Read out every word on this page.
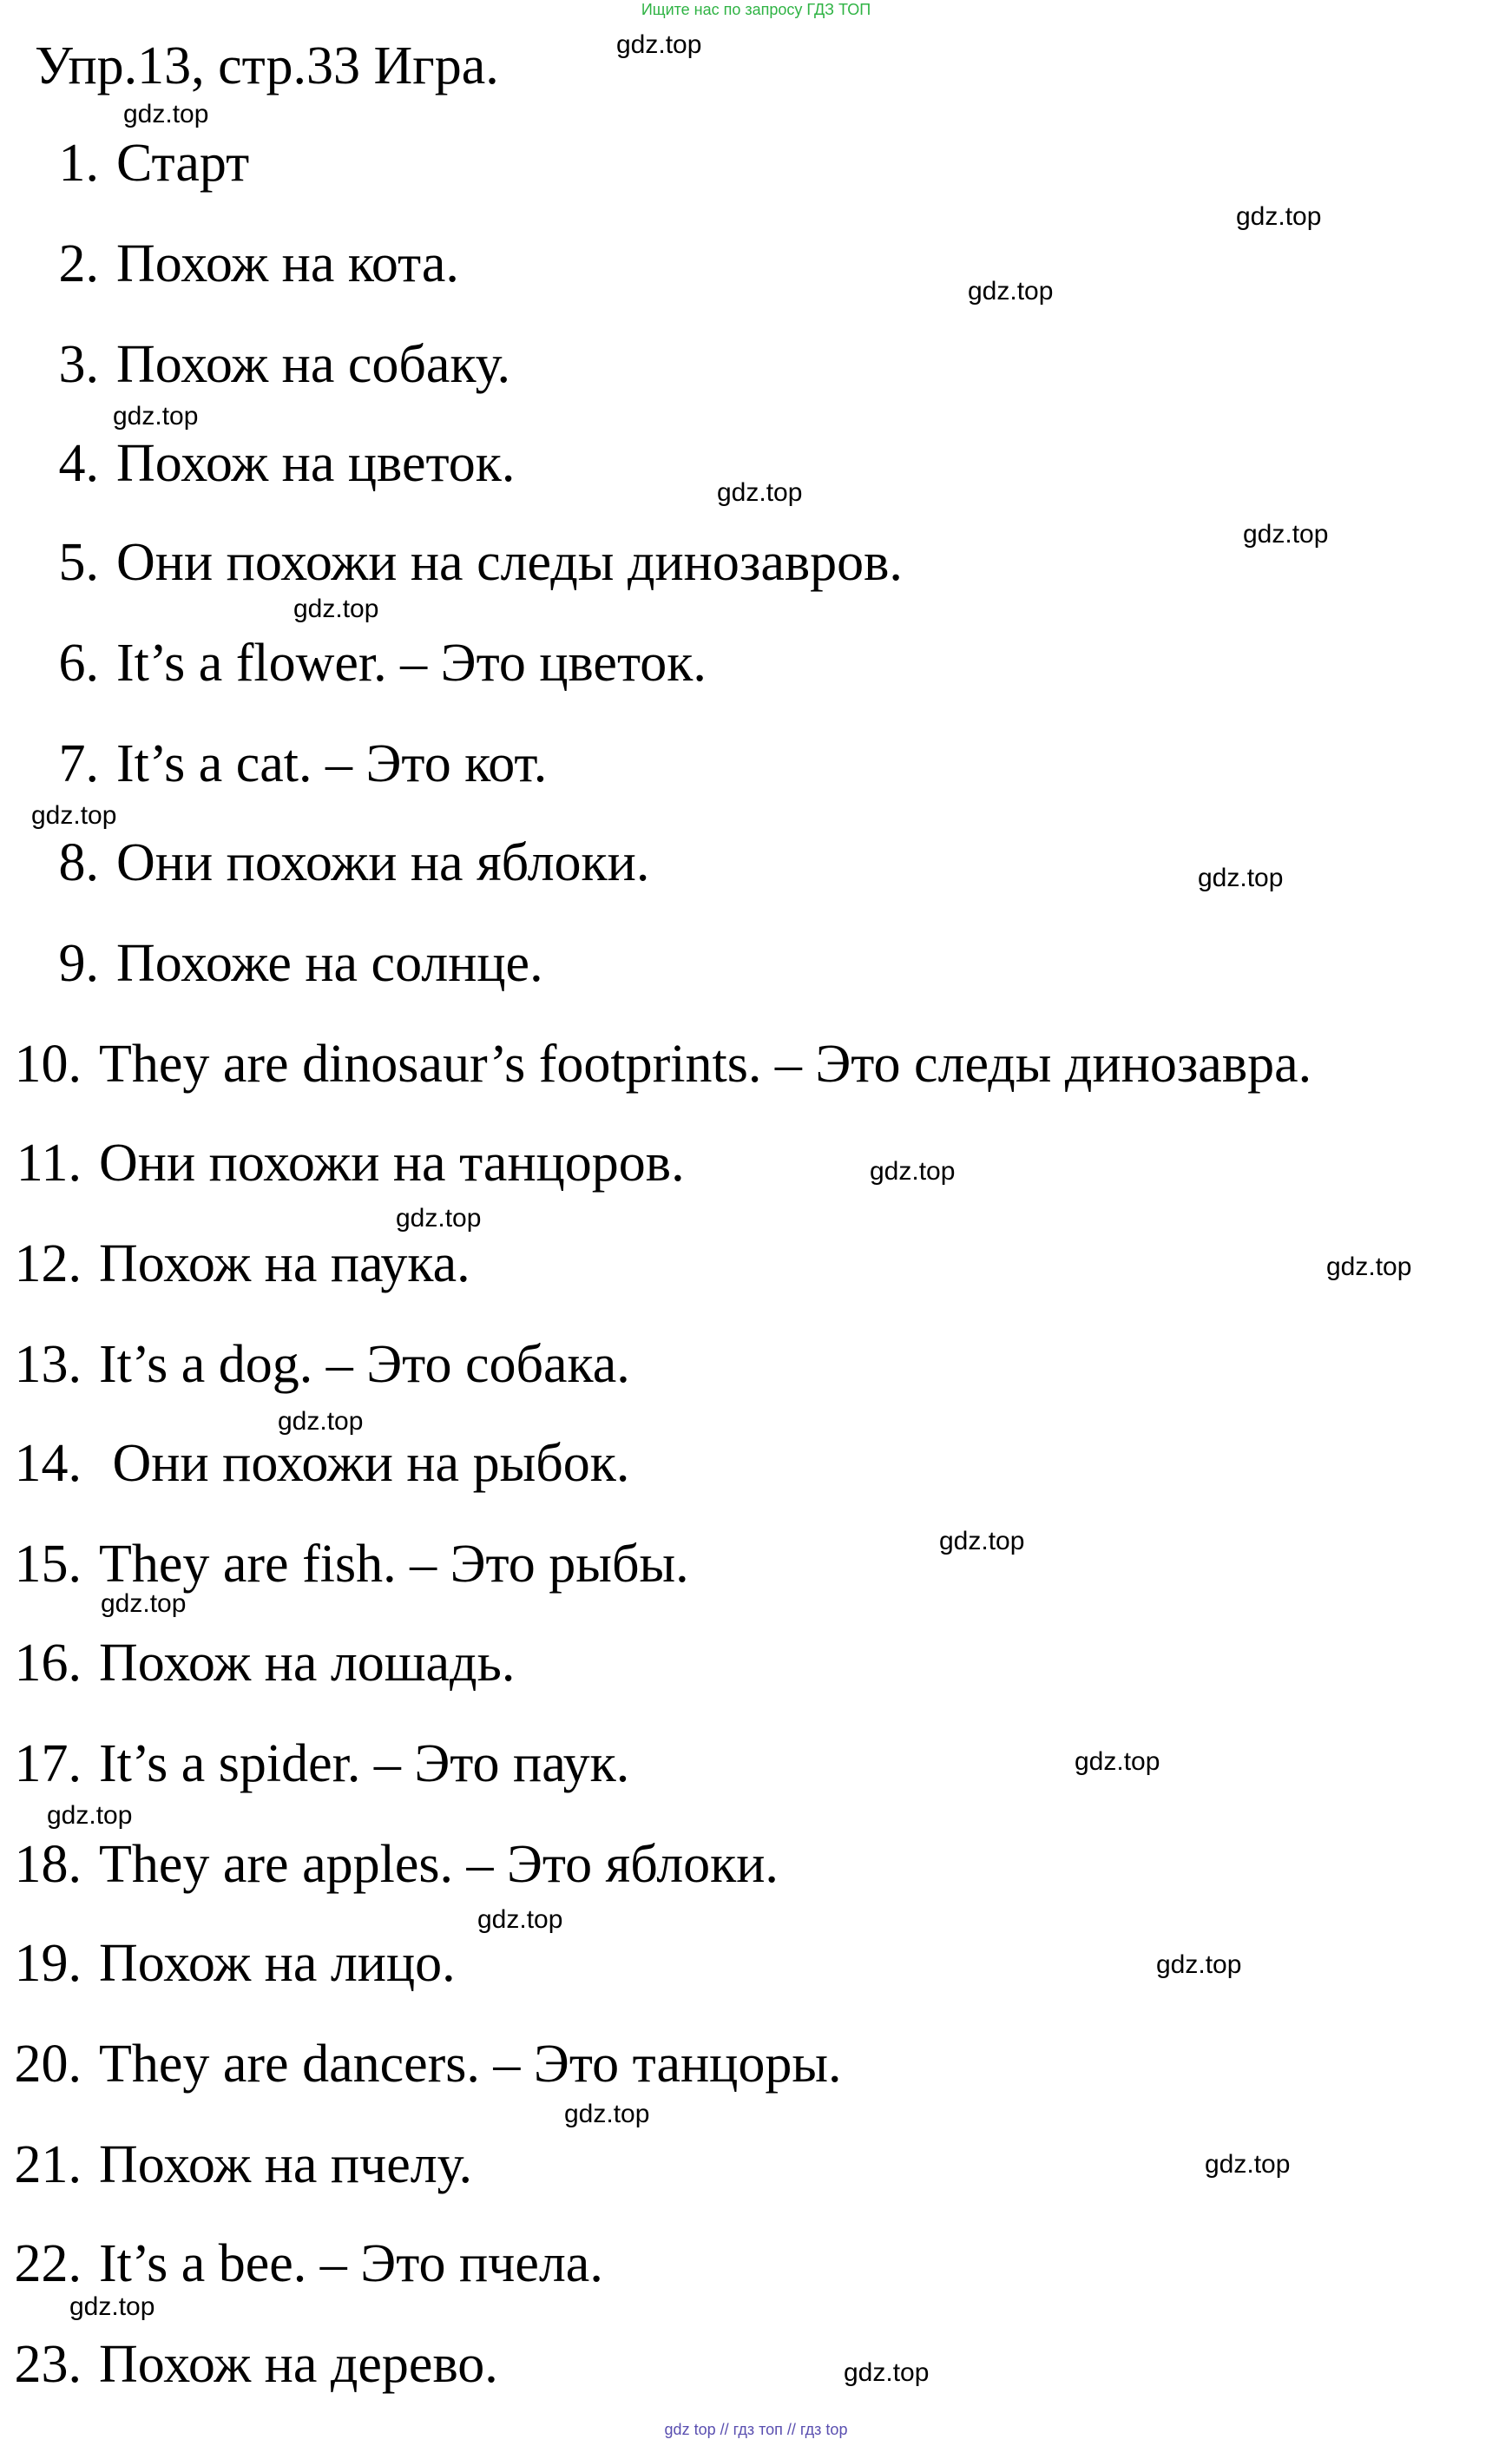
Ищите нас по запросу ГДЗ ТОП
Упр.13, стр.33 Игра.
1. Старт
2. Похож на кота.
3. Похож на собаку.
4. Похож на цветок.
5. Они похожи на следы динозавров.
6. It’s a flower. – Это цветок.
7. It’s a cat. – Это кот.
8. Они похожи на яблоки.
9. Похоже на солнце.
10. They are dinosaur’s footprints. – Это следы динозавра.
11. Они похожи на танцоров.
12. Похож на паука.
13. It’s a dog. – Это собака.
14. Они похожи на рыбок.
15. They are fish. – Это рыбы.
16. Похож на лошадь.
17. It’s a spider. – Это паук.
18. They are apples. – Это яблоки.
19. Похож на лицо.
20. They are dancers. – Это танцоры.
21. Похож на пчелу.
22. It’s a bee. – Это пчела.
23. Похож на дерево.
gdz.top
gdz.top
gdz.top
gdz.top
gdz.top
gdz.top
gdz.top
gdz.top
gdz.top
gdz.top
gdz.top
gdz.top
gdz.top
gdz.top
gdz.top
gdz.top
gdz.top
gdz.top
gdz.top
gdz.top
gdz.top
gdz.top
gdz.top
gdz.top
gdz top // гдз топ // гдз top
